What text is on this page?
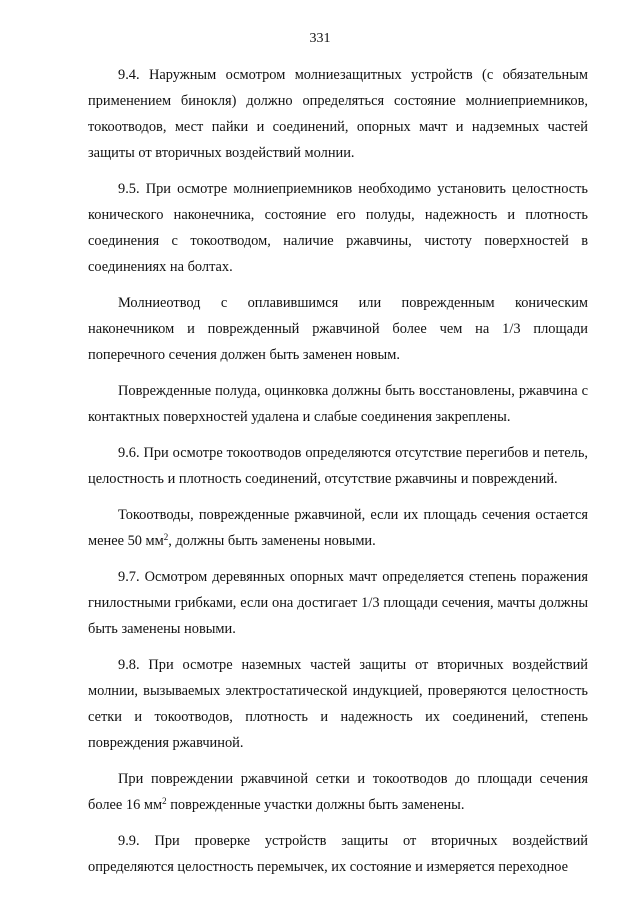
331

9.4. Наружным осмотром молниезащитных устройств (с обязательным применением бинокля) должно определяться состояние молниеприемников, токоотводов, мест пайки и соединений, опорных мачт и надземных частей защиты от вторичных воздействий молнии.

9.5. При осмотре молниеприемников необходимо установить целостность конического наконечника, состояние его полуды, надежность и плотность соединения с токоотводом, наличие ржавчины, чистоту поверхностей в соединениях на болтах.

Молниеотвод с оплавившимся или поврежденным коническим наконечником и поврежденный ржавчиной более чем на 1/3 площади поперечного сечения должен быть заменен новым.

Поврежденные полуда, оцинковка должны быть восстановлены, ржавчина с контактных поверхностей удалена и слабые соединения закреплены.

9.6. При осмотре токоотводов определяются отсутствие перегибов и петель, целостность и плотность соединений, отсутствие ржавчины и повреждений.

Токоотводы, поврежденные ржавчиной, если их площадь сечения остается менее 50 $мм^2$, должны быть заменены новыми.

9.7. Осмотром деревянных опорных мачт определяется степень поражения гнилостными грибками, если она достигает 1/3 площади сечения, мачты должны быть заменены новыми.

9.8. При осмотре наземных частей защиты от вторичных воздействий молнии, вызываемых электростатической индукцией, проверяются целостность сетки и токоотводов, плотность и надежность их соединений, степень повреждения ржавчиной.

При повреждении ржавчиной сетки и токоотводов до площади сечения более 16 $мм^2$ поврежденные участки должны быть заменены.

9.9. При проверке устройств защиты от вторичных воздействий определяются целостность перемычек, их состояние и измеряется переходное
